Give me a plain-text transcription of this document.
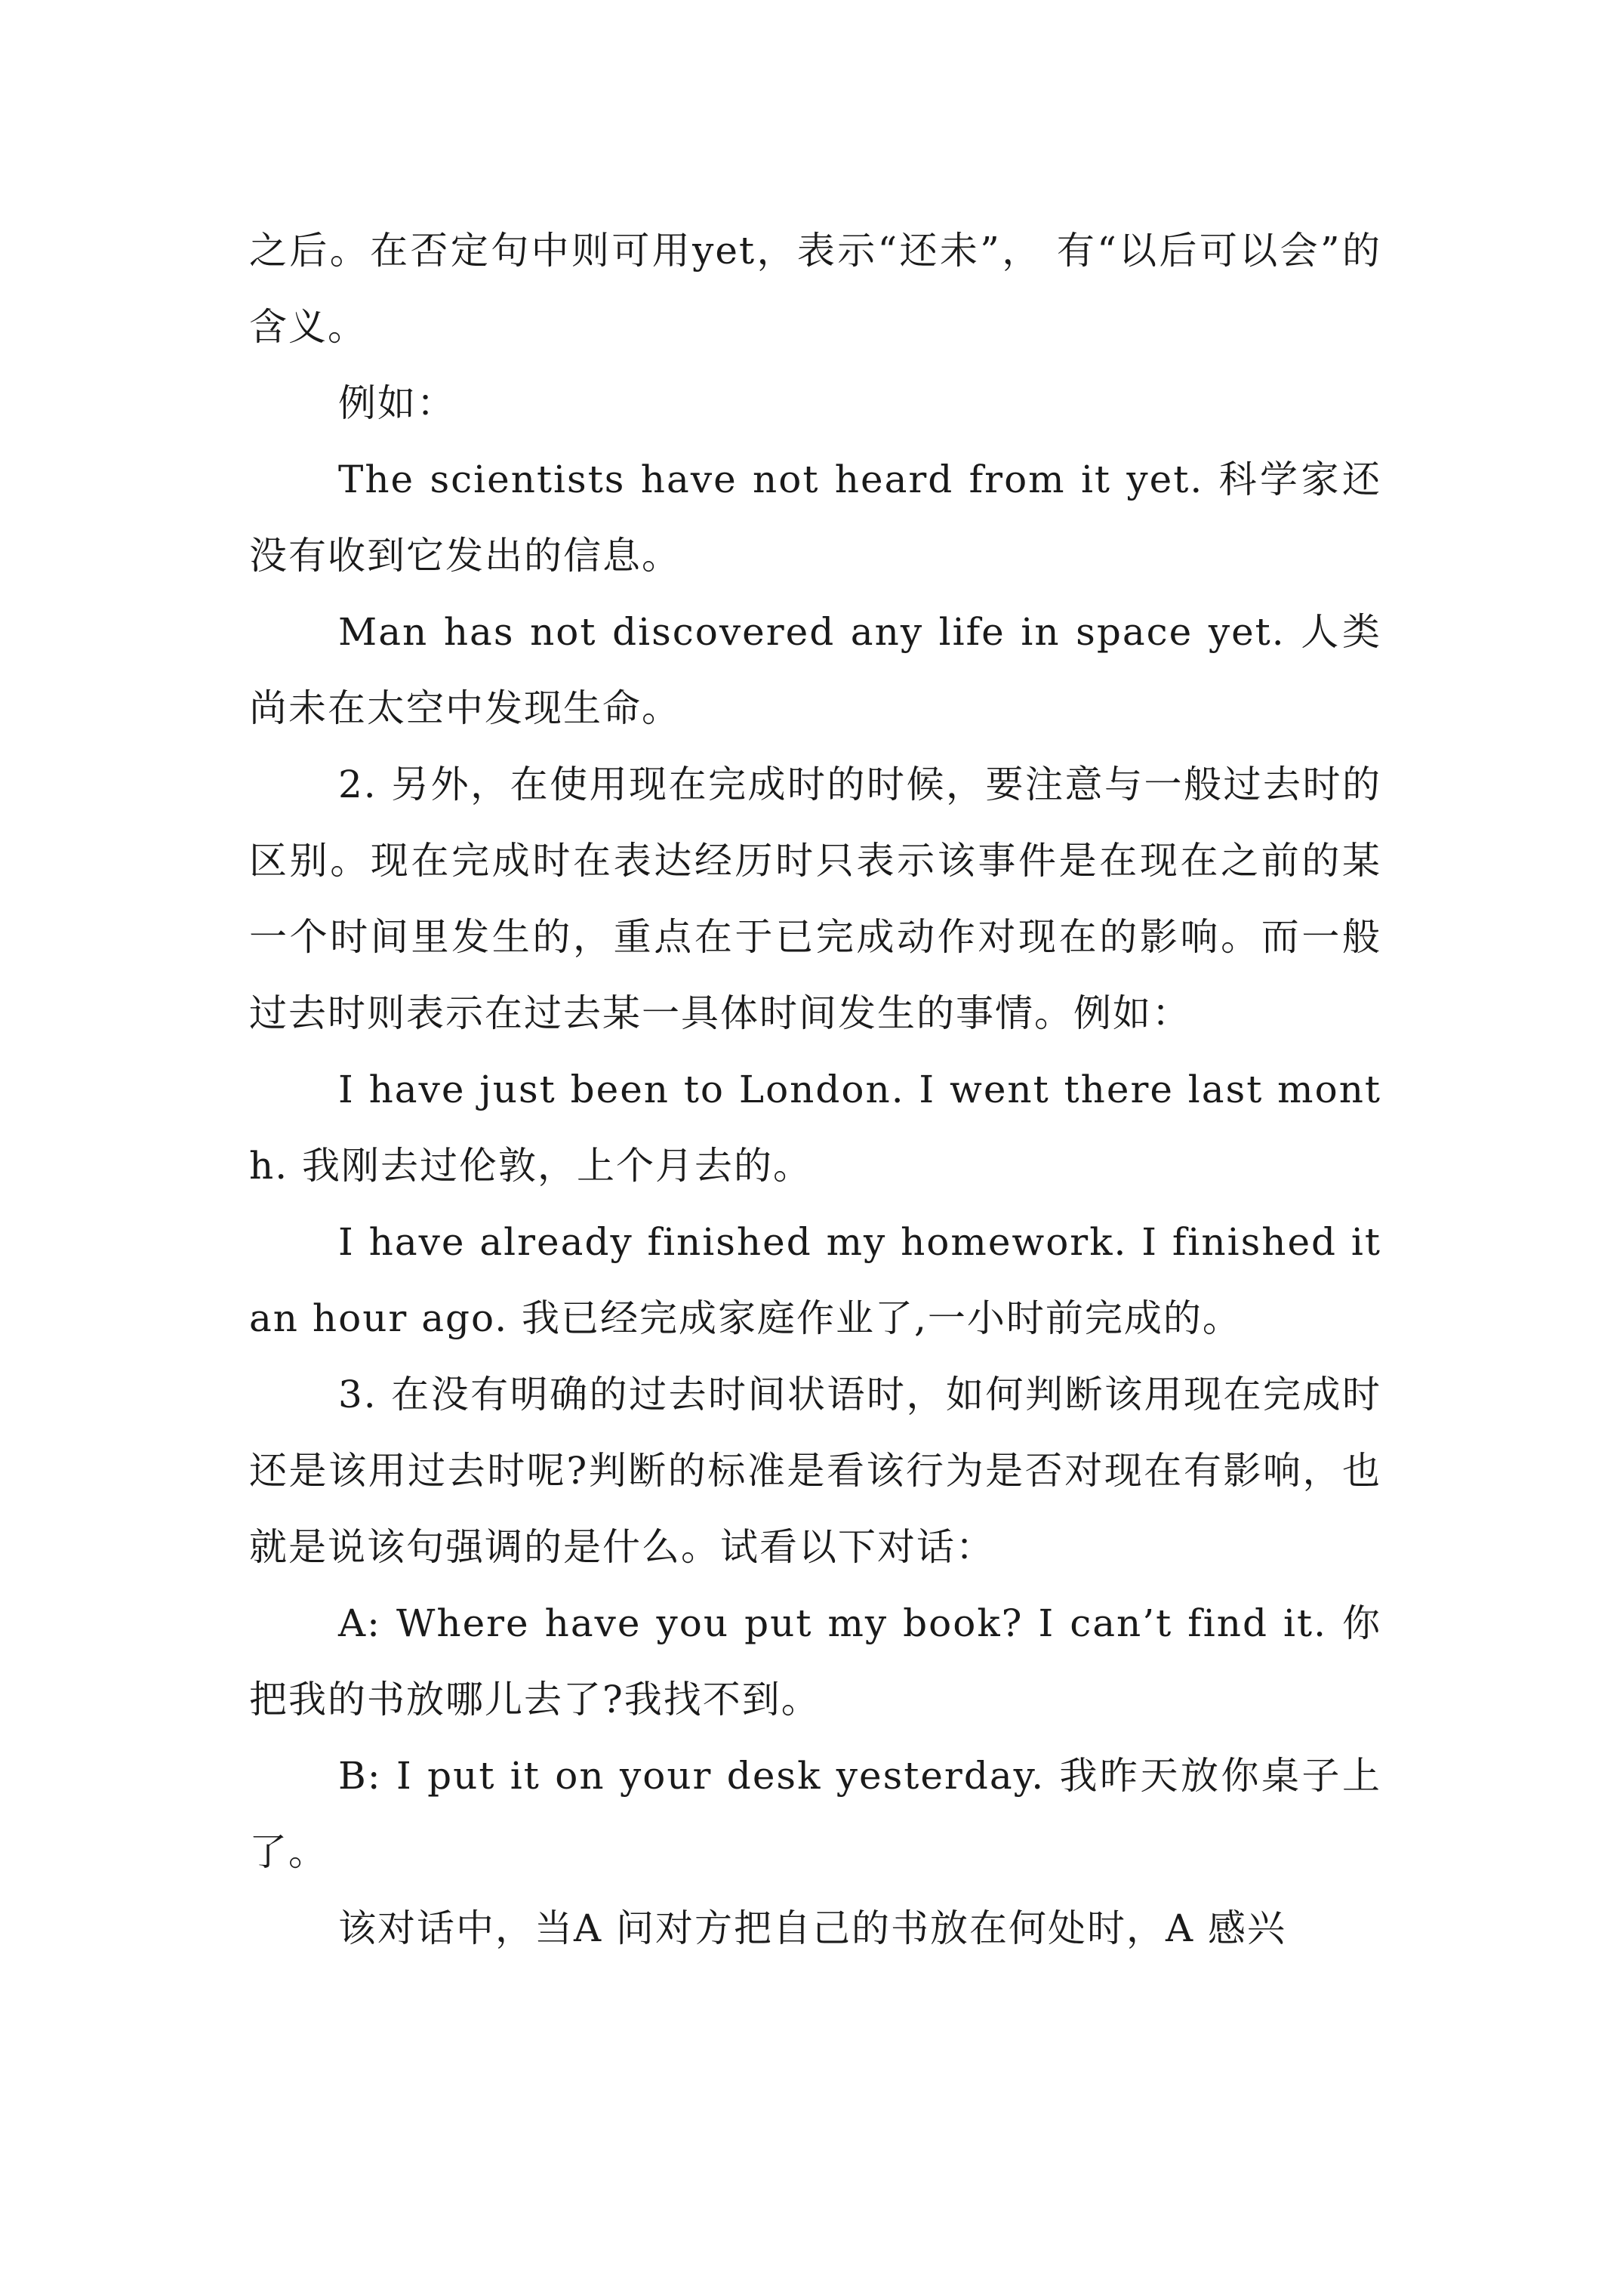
之后。在否定句中则可用yet，表示“还未”， 有“以后可以会”的含义。

例如：

The scientists have not heard from it yet. 科学家还没有收到它发出的信息。

Man has not discovered any life in space yet. 人类尚未在太空中发现生命。

2. 另外，在使用现在完成时的时候，要注意与一般过去时的区别。现在完成时在表达经历时只表示该事件是在现在之前的某一个时间里发生的，重点在于已完成动作对现在的影响。而一般过去时则表示在过去某一具体时间发生的事情。例如：

I have just been to London. I went there last month. 我刚去过伦敦，上个月去的。

I have already finished my homework. I finished it an hour ago. 我已经完成家庭作业了,一小时前完成的。

3. 在没有明确的过去时间状语时，如何判断该用现在完成时还是该用过去时呢?判断的标准是看该行为是否对现在有影响，也就是说该句强调的是什么。试看以下对话：

A: Where have you put my book? I can’t find it. 你把我的书放哪儿去了?我找不到。

B: I put it on your desk yesterday. 我昨天放你桌子上了。

该对话中，当A 问对方把自己的书放在何处时，A 感兴
